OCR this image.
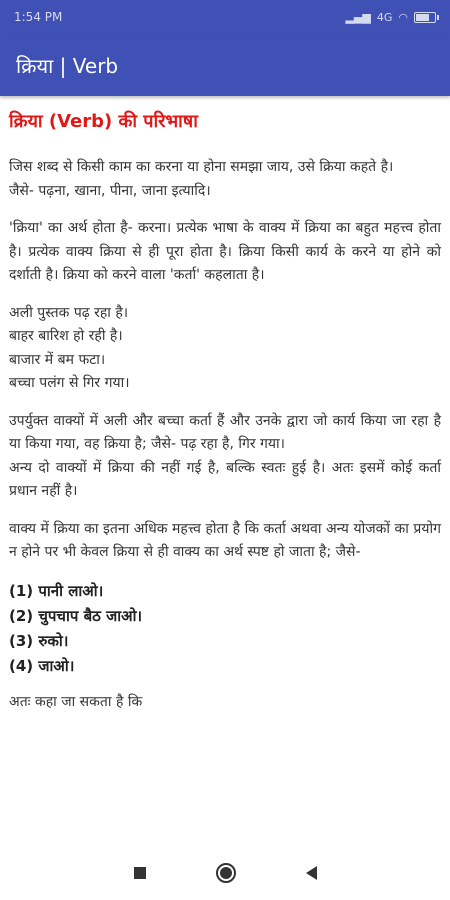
1:54 PM	▂▄▆ 4G ◠
क्रिया | Verb
क्रिया (Verb) की परिभाषा
जिस शब्द से किसी काम का करना या होना समझा जाय, उसे क्रिया कहते है।
जैसे- पढ़ना, खाना, पीना, जाना इत्यादि।
'क्रिया' का अर्थ होता है- करना। प्रत्येक भाषा के वाक्य में क्रिया का बहुत महत्त्व होता है। प्रत्येक वाक्य क्रिया से ही पूरा होता है। क्रिया किसी कार्य के करने या होने को दर्शाती है। क्रिया को करने वाला 'कर्ता' कहलाता है।
अली पुस्तक पढ़ रहा है।
बाहर बारिश हो रही है।
बाजार में बम फटा।
बच्चा पलंग से गिर गया।
उपर्युक्त वाक्यों में अली और बच्चा कर्ता हैं और उनके द्वारा जो कार्य किया जा रहा है या किया गया, वह क्रिया है; जैसे- पढ़ रहा है, गिर गया।
अन्य दो वाक्यों में क्रिया की नहीं गई है, बल्कि स्वतः हुई है। अतः इसमें कोई कर्ता प्रधान नहीं है।
वाक्य में क्रिया का इतना अधिक महत्त्व होता है कि कर्ता अथवा अन्य योजकों का प्रयोग न होने पर भी केवल क्रिया से ही वाक्य का अर्थ स्पष्ट हो जाता है; जैसे-
(1) पानी लाओ।
(2) चुपचाप बैठ जाओ।
(3) रुको।
(4) जाओ।
अतः कहा जा सकता है कि
